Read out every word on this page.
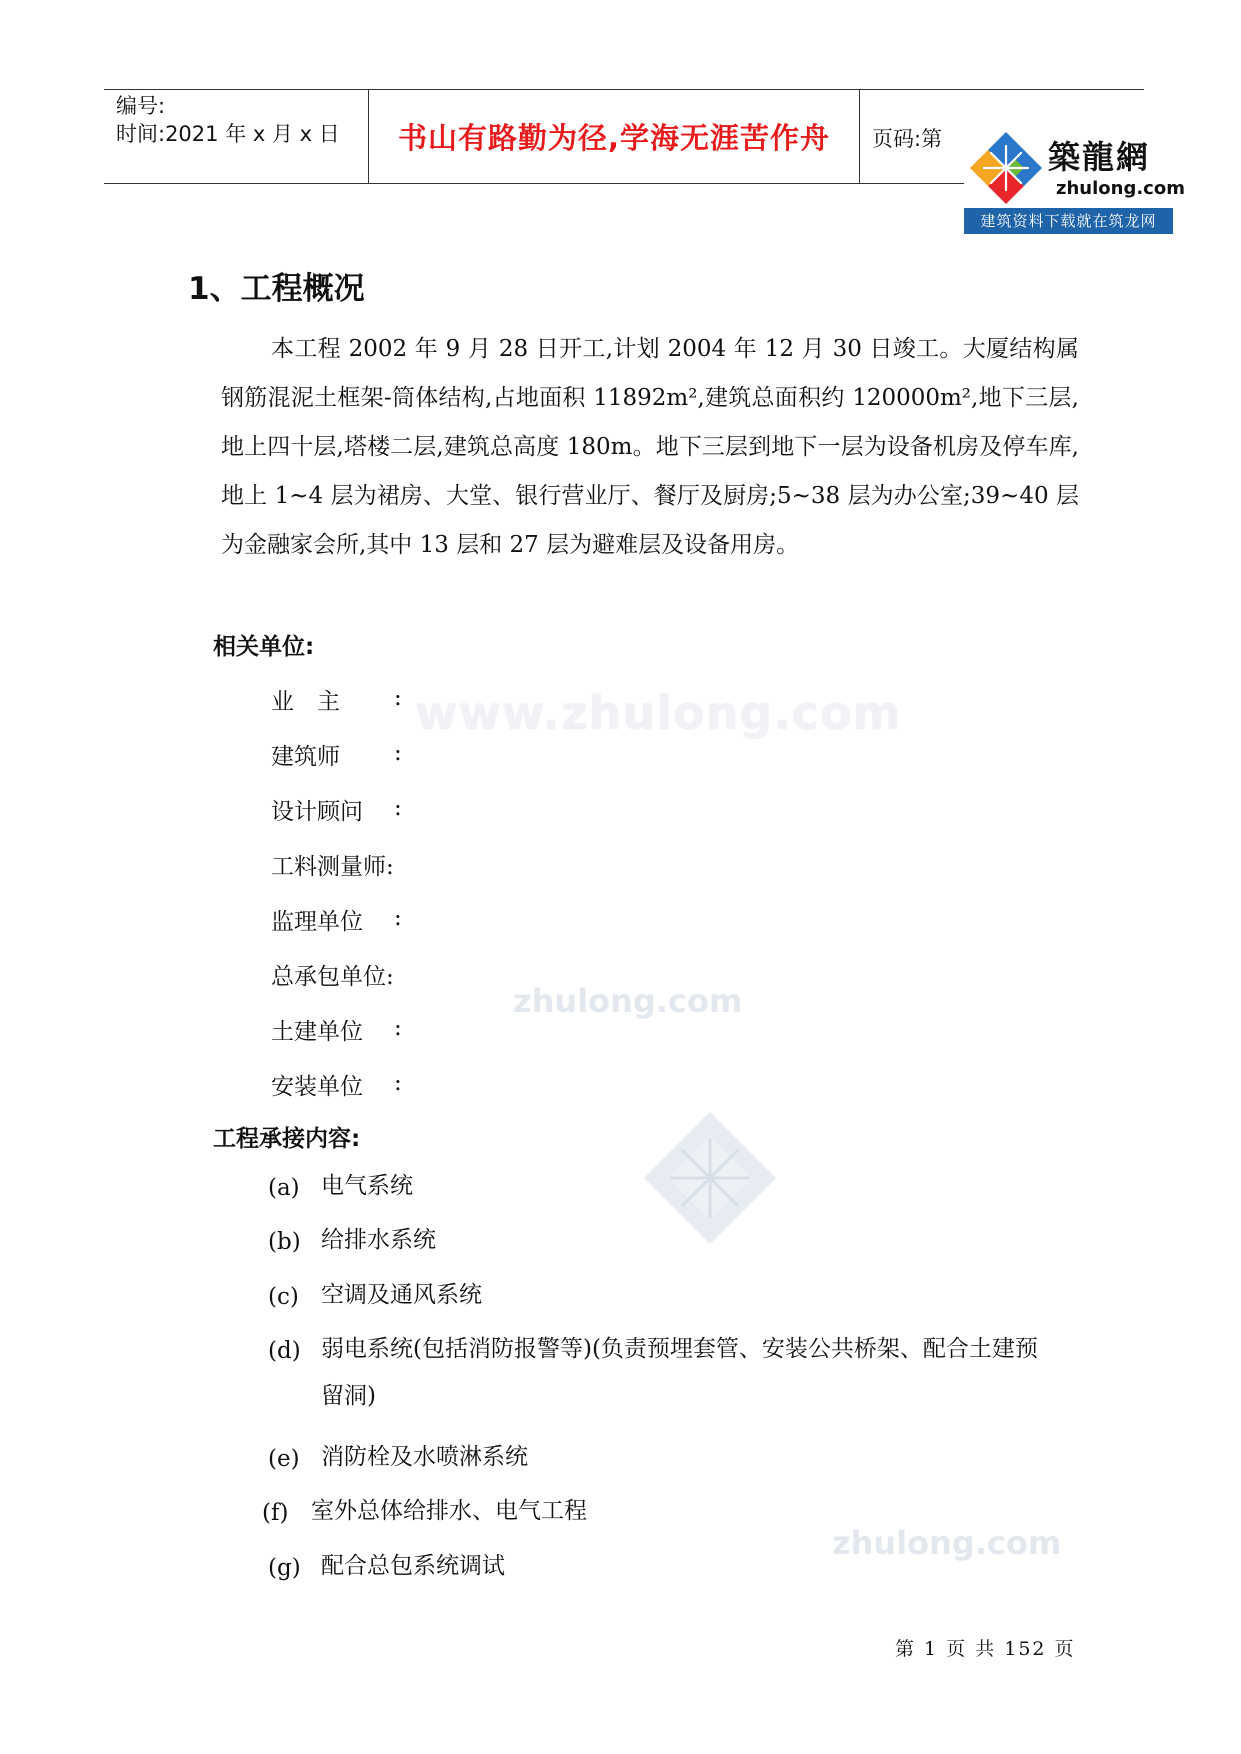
编号:
时间:2021 年 x 月 x 日	书山有路勤为径,学海无涯苦作舟	页码:第	築龍網
zhulong.com
建筑资料下载就在筑龙网
www.zhulong.com
zhulong.com
zhulong.com
1、工程概况
本工程 2002 年 9 月 28 日开工,计划 2004 年 12 月 30 日竣工。大厦结构属钢筋混泥土框架-筒体结构,占地面积 11892m²,建筑总面积约 120000m²,地下三层,地上四十层,塔楼二层,建筑总高度 180m。地下三层到地下一层为设备机房及停车库,地上 1~4 层为裙房、大堂、银行营业厅、餐厅及厨房;5~38 层为办公室;39~40 层为金融家会所,其中 13 层和 27 层为避难层及设备用房。
相关单位:
业　主 :
建筑师 :
设计顾问 :
工料测量师:
监理单位 :
总承包单位:
土建单位 :
安装单位 :
工程承接内容:
(a) 电气系统
(b) 给排水系统
(c) 空调及通风系统
(d) 弱电系统(包括消防报警等)(负责预埋套管、安装公共桥架、配合土建预留洞)
(e) 消防栓及水喷淋系统
(f) 室外总体给排水、电气工程
(g) 配合总包系统调试
第 1 页 共 152 页
